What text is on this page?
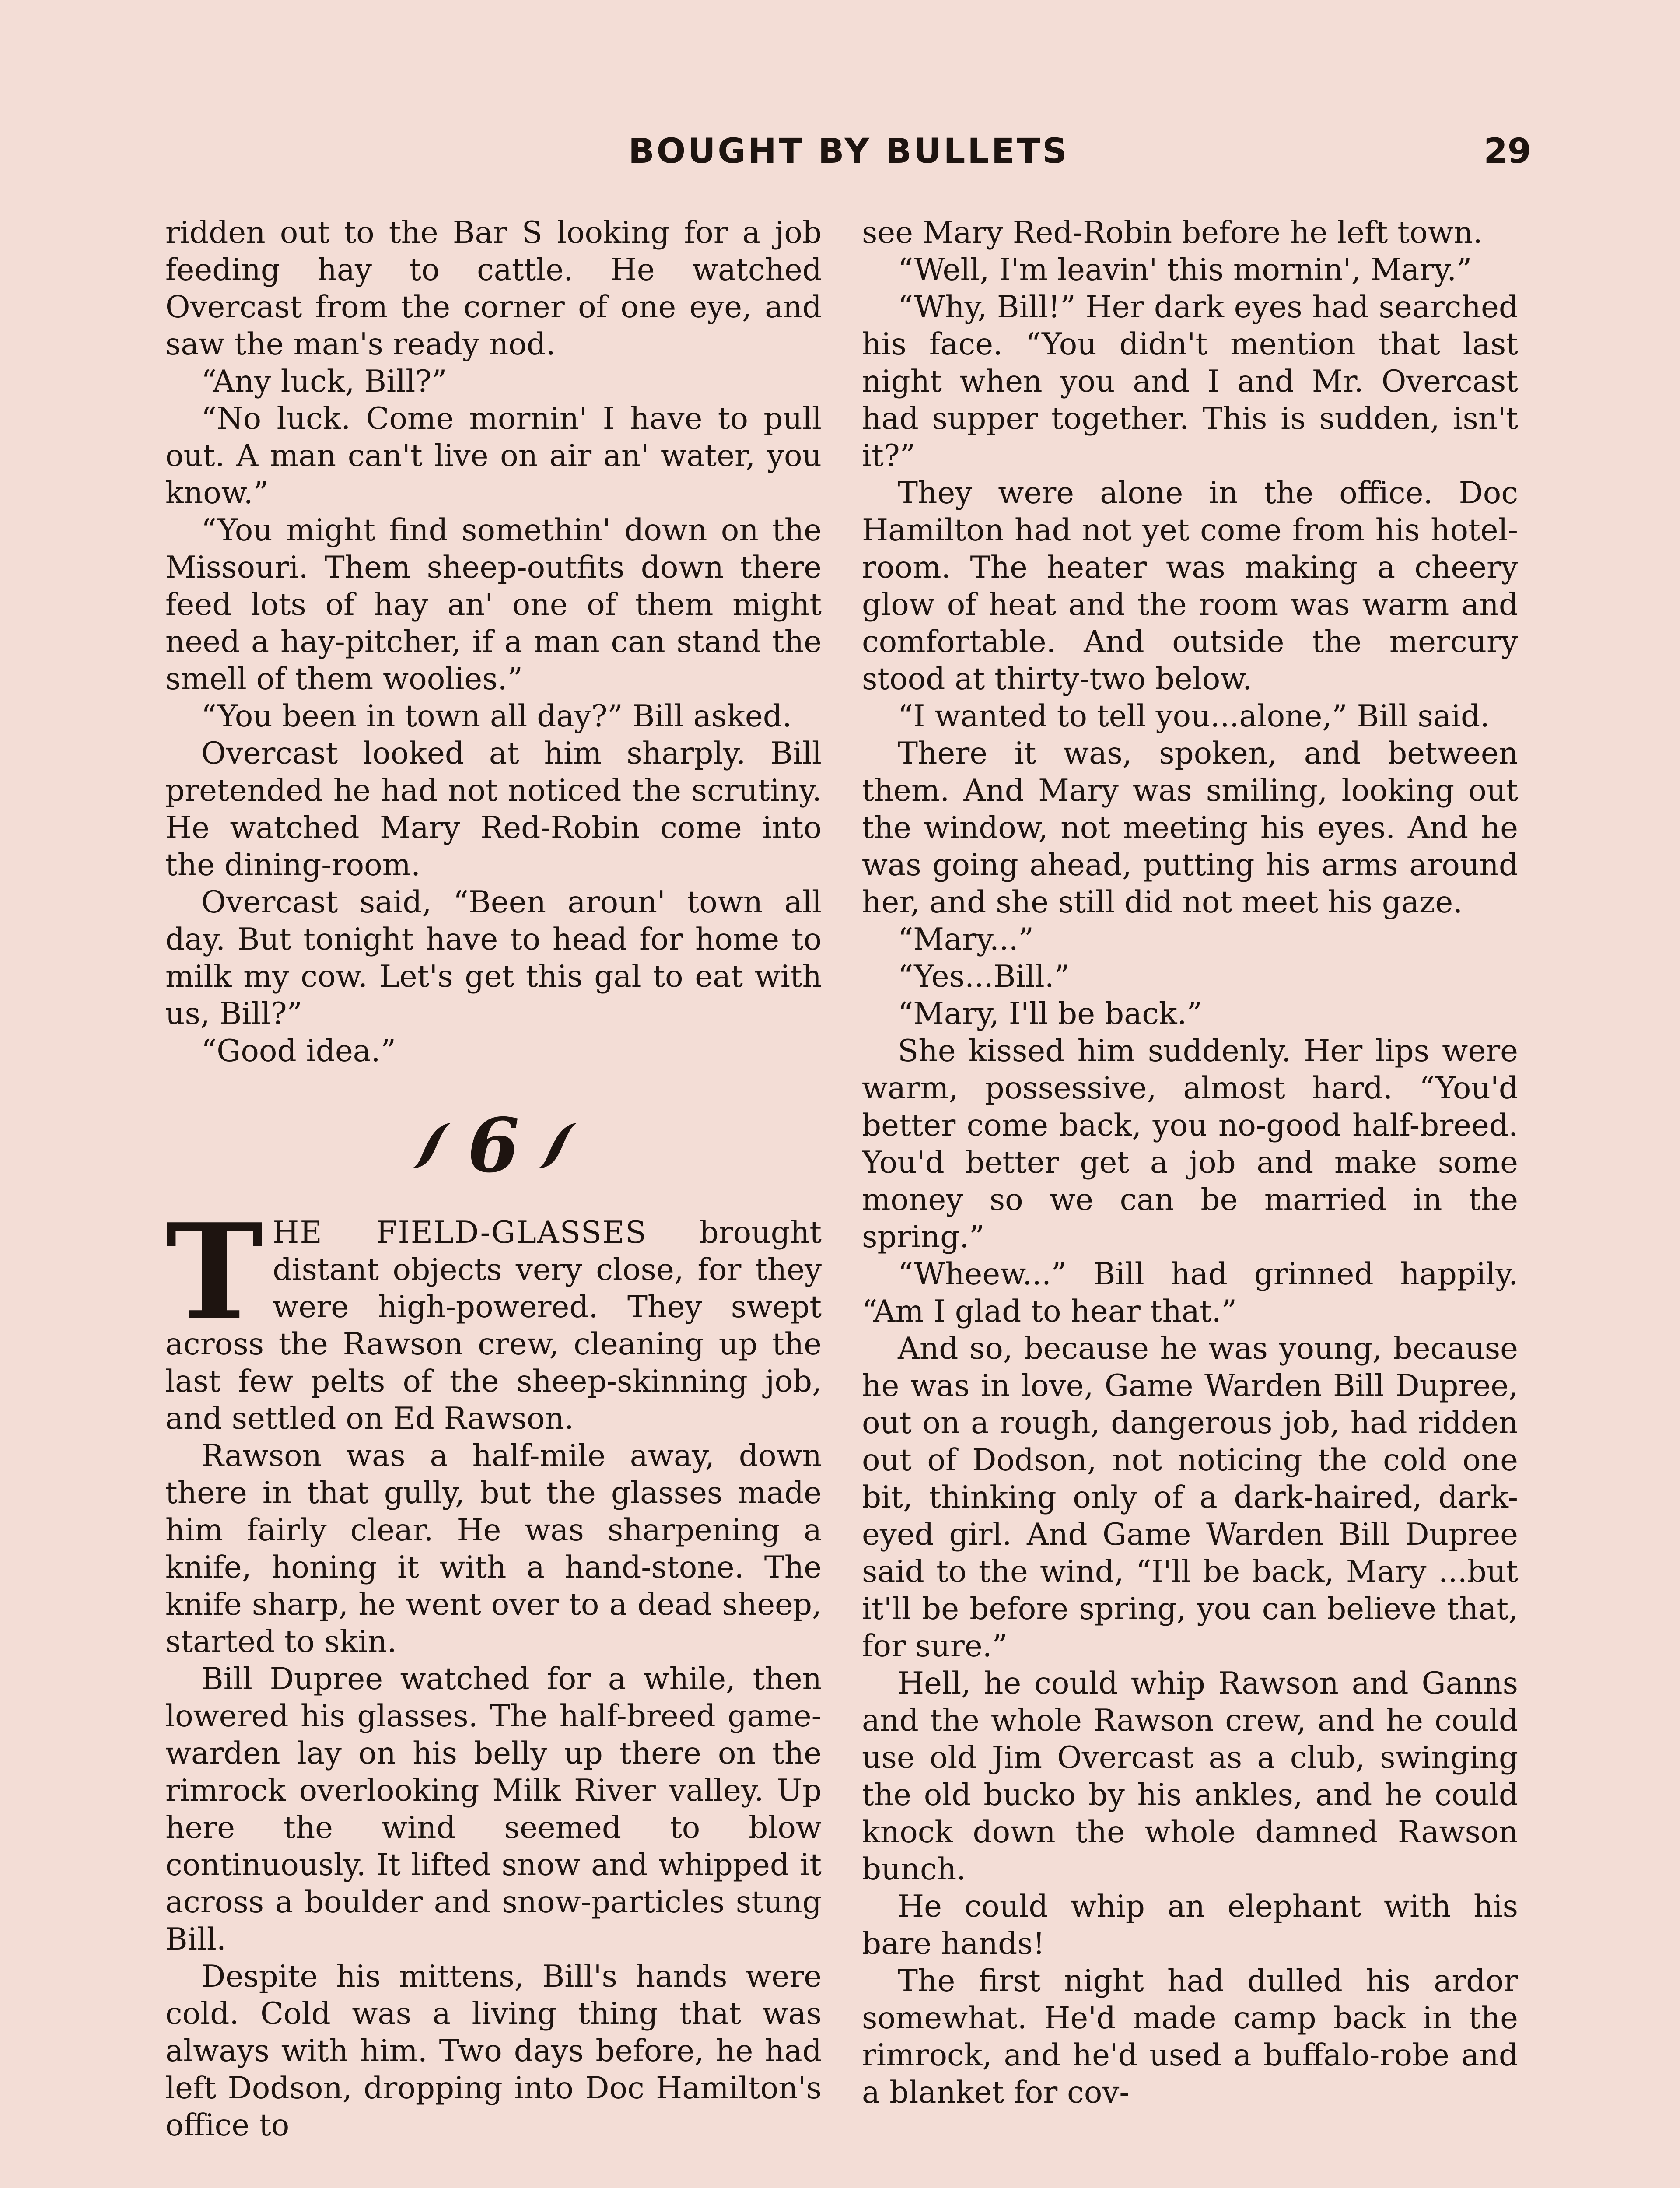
BOUGHT BY BULLETS	29

ridden out to the Bar S looking for a job feeding hay to cattle. He watched Overcast from the corner of one eye, and saw the man's ready nod.

“Any luck, Bill?”

“No luck. Come mornin' I have to pull out. A man can't live on air an' water, you know.”

“You might find somethin' down on the Missouri. Them sheep-outfits down there feed lots of hay an' one of them might need a hay-pitcher, if a man can stand the smell of them woolies.”

“You been in town all day?” Bill asked.

Overcast looked at him sharply. Bill pretended he had not noticed the scrutiny. He watched Mary Red-Robin come into the dining-room.

Overcast said, “Been aroun' town all day. But tonight have to head for home to milk my cow. Let's get this gal to eat with us, Bill?”

“Good idea.”

6

THE FIELD-GLASSES brought distant objects very close, for they were high-powered. They swept across the Rawson crew, cleaning up the last few pelts of the sheep-skinning job, and settled on Ed Rawson.

Rawson was a half-mile away, down there in that gully, but the glasses made him fairly clear. He was sharpening a knife, honing it with a hand-stone. The knife sharp, he went over to a dead sheep, started to skin.

Bill Dupree watched for a while, then lowered his glasses. The half-breed game-warden lay on his belly up there on the rimrock overlooking Milk River valley. Up here the wind seemed to blow continuously. It lifted snow and whipped it across a boulder and snow-particles stung Bill.

Despite his mittens, Bill's hands were cold. Cold was a living thing that was always with him. Two days before, he had left Dodson, dropping into Doc Hamilton's office to

see Mary Red-Robin before he left town.

“Well, I'm leavin' this mornin', Mary.”

“Why, Bill!” Her dark eyes had searched his face. “You didn't mention that last night when you and I and Mr. Overcast had supper together. This is sudden, isn't it?”

They were alone in the office. Doc Hamilton had not yet come from his hotel-room. The heater was making a cheery glow of heat and the room was warm and comfortable. And outside the mercury stood at thirty-two below.

“I wanted to tell you...alone,” Bill said.

There it was, spoken, and between them. And Mary was smiling, looking out the window, not meeting his eyes. And he was going ahead, putting his arms around her, and she still did not meet his gaze.

“Mary...”

“Yes...Bill.”

“Mary, I'll be back.”

She kissed him suddenly. Her lips were warm, possessive, almost hard. “You'd better come back, you no-good half-breed. You'd better get a job and make some money so we can be married in the spring.”

“Wheew...” Bill had grinned happily. “Am I glad to hear that.”

And so, because he was young, because he was in love, Game Warden Bill Dupree, out on a rough, dangerous job, had ridden out of Dodson, not noticing the cold one bit, thinking only of a dark-haired, dark-eyed girl. And Game Warden Bill Dupree said to the wind, “I'll be back, Mary ...but it'll be before spring, you can believe that, for sure.”

Hell, he could whip Rawson and Ganns and the whole Rawson crew, and he could use old Jim Overcast as a club, swinging the old bucko by his ankles, and he could knock down the whole damned Rawson bunch.

He could whip an elephant with his bare hands!

The first night had dulled his ardor somewhat. He'd made camp back in the rimrock, and he'd used a buffalo-robe and a blanket for cov-
